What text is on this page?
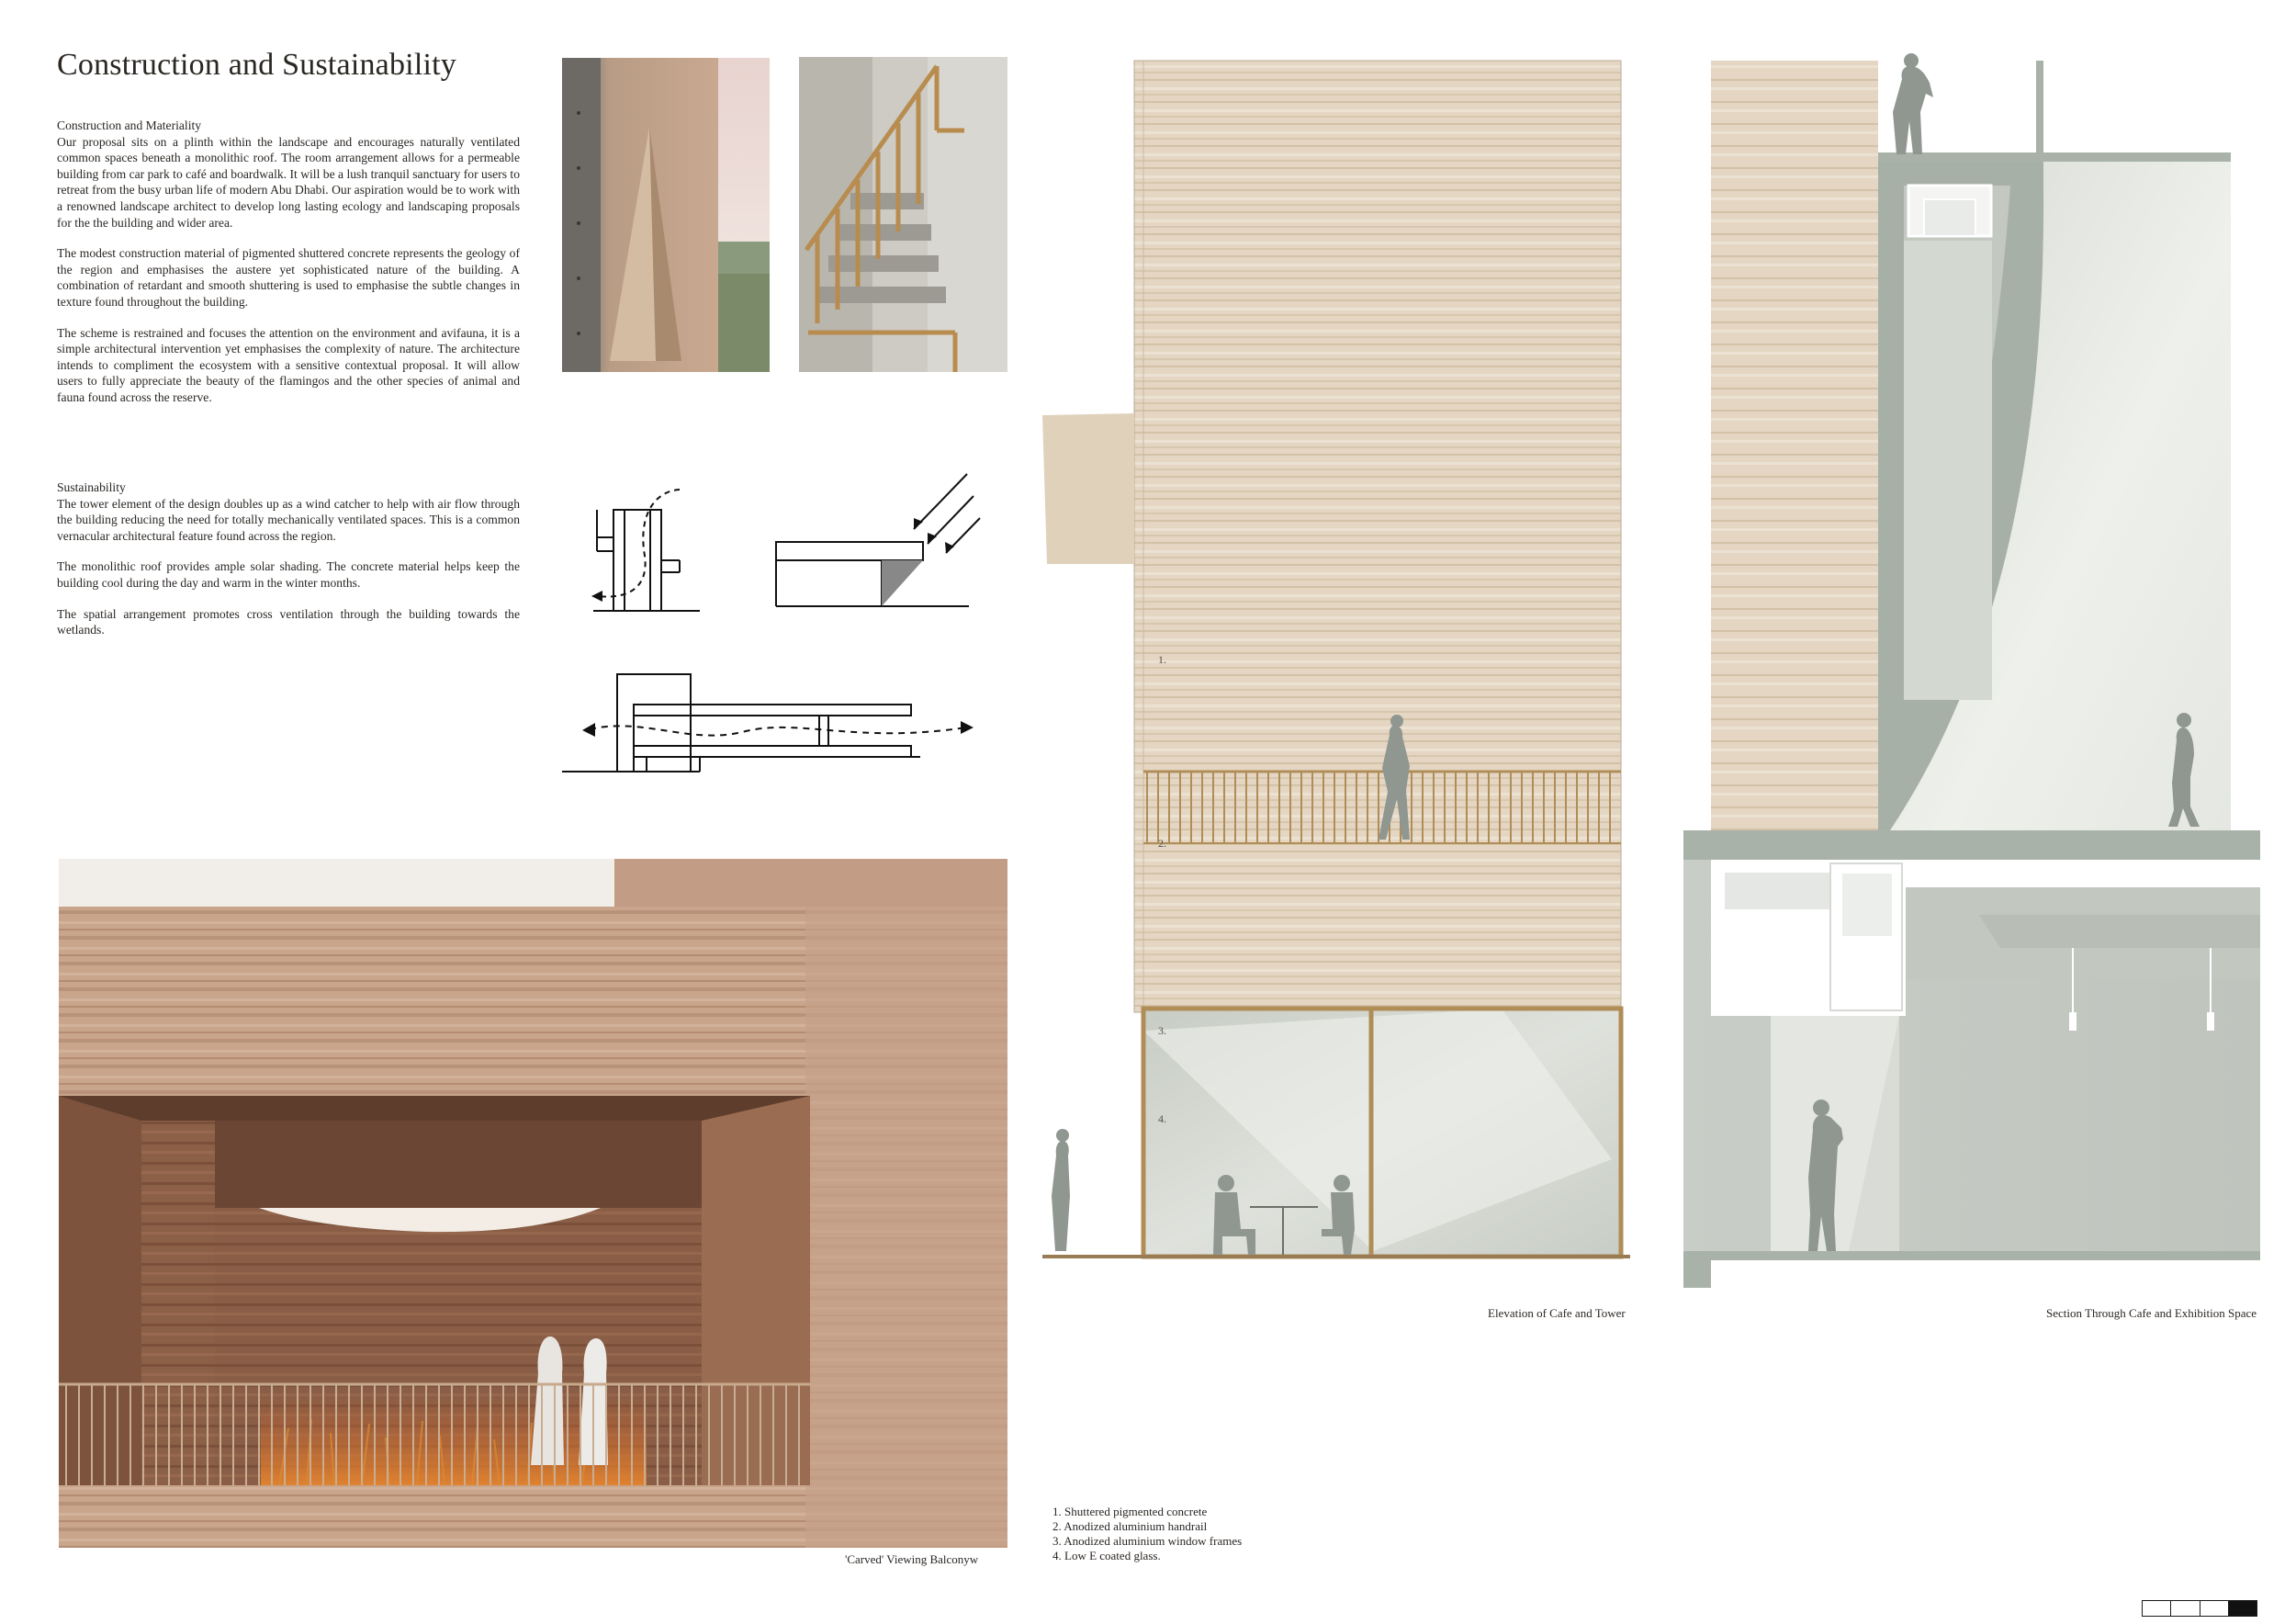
Construction and Sustainability

Construction and Materiality
Our proposal sits on a plinth within the landscape and encourages naturally ventilated common spaces beneath a monolithic roof. The room arrangement allows for a permeable building from car park to café and boardwalk. It will be a lush tranquil sanctuary for users to retreat from the busy urban life of modern Abu Dhabi. Our aspiration would be to work with a renowned landscape architect to develop long lasting ecology and landscaping proposals for the the building and wider area.

The modest construction material of pigmented shuttered concrete represents the geology of the region and emphasises the austere yet sophisticated nature of the building. A combination of retardant and smooth shuttering is used to emphasise the subtle changes in texture found throughout the building.

The scheme is restrained and focuses the attention on the environment and avifauna, it is a simple architectural intervention yet emphasises the complexity of nature. The architecture intends to compliment the ecosystem with a sensitive contextual proposal. It will allow users to fully appreciate the beauty of the flamingos and the other species of animal and fauna found across the reserve.

Sustainability
The tower element of the design doubles up as a wind catcher to help with air flow through the building reducing the need for totally mechanically ventilated spaces. This is a common vernacular architectural feature found across the region.

The monolithic roof provides ample solar shading. The concrete material helps keep the building cool during the day and warm in the winter months.

The spatial arrangement promotes cross ventilation through the building towards the wetlands.

'Carved' Viewing Balconyw
1.
2.
3.
4.
Elevation of Cafe and Tower	Section Through Cafe and Exhibition Space
1. Shuttered pigmented concrete
2. Anodized aluminium handrail
3. Anodized aluminium window frames
4. Low E coated glass.
